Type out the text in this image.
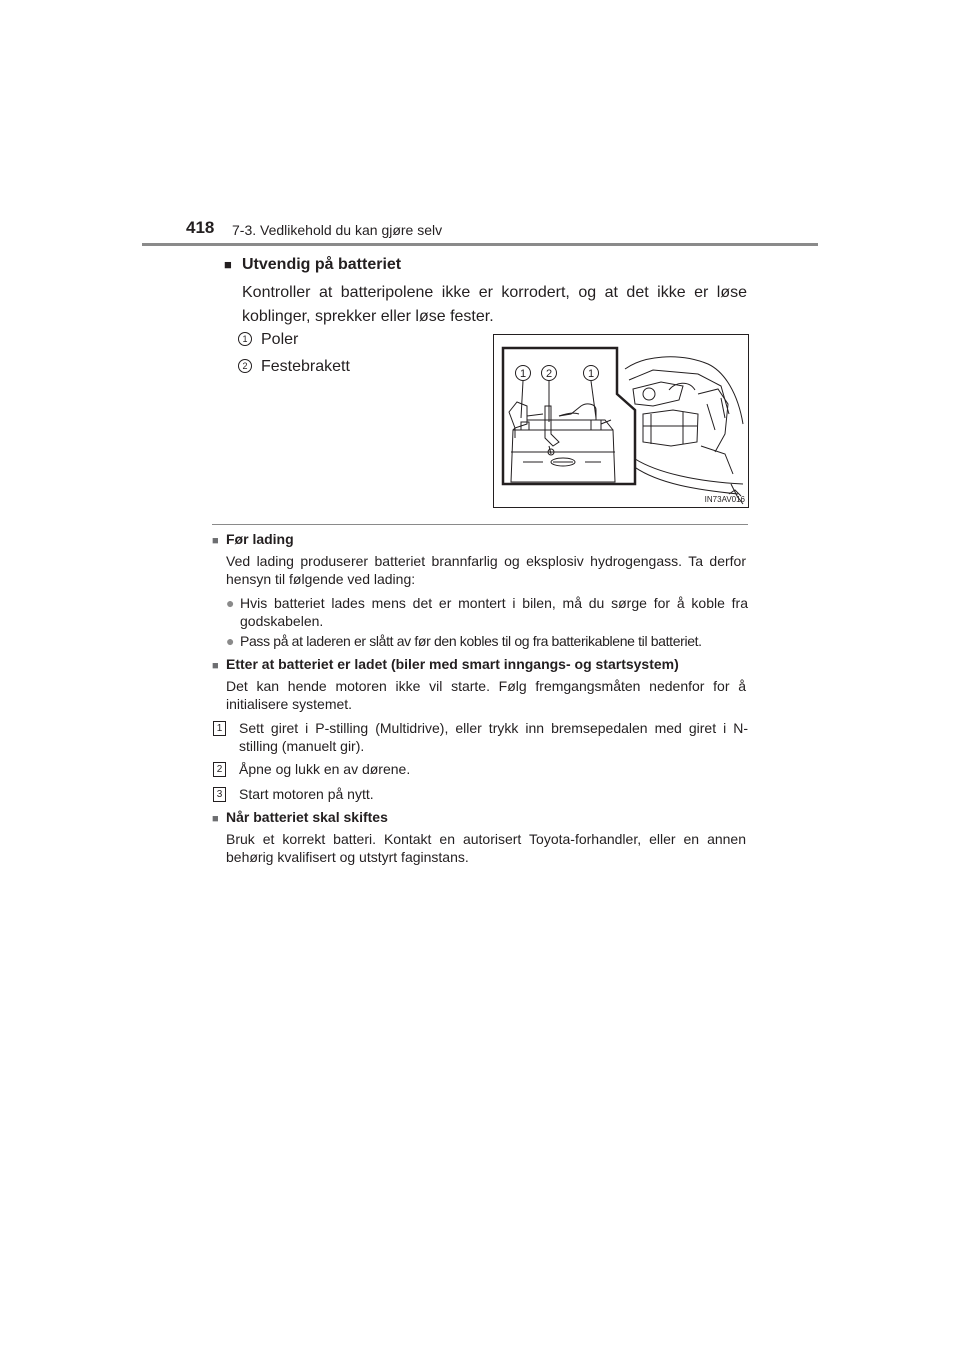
418 7-3. Vedlikehold du kan gjøre selv
■ Utvendig på batteriet
Kontroller at batteripolene ikke er korrodert, og at det ikke er løse koblinger, sprekker eller løse fester.
1 Poler
2 Festebrakett	1 2	1
IN73AV016
■ Før lading
Ved lading produserer batteriet brannfarlig og eksplosiv hydrogengass. Ta derfor hensyn til følgende ved lading:
● Hvis batteriet lades mens det er montert i bilen, må du sørge for å koble fra godskabelen.
● Pass på at laderen er slått av før den kobles til og fra batterikablene til batteriet.
■ Etter at batteriet er ladet (biler med smart inngangs- og startsystem)
Det kan hende motoren ikke vil starte. Følg fremgangsmåten nedenfor for å initialisere systemet.
1 Sett giret i P-stilling (Multidrive), eller trykk inn bremsepedalen med giret i N-stilling (manuelt gir).
2 Åpne og lukk en av dørene.
3 Start motoren på nytt.
■ Når batteriet skal skiftes
Bruk et korrekt batteri. Kontakt en autorisert Toyota-forhandler, eller en annen behørig kvalifisert og utstyrt faginstans.
